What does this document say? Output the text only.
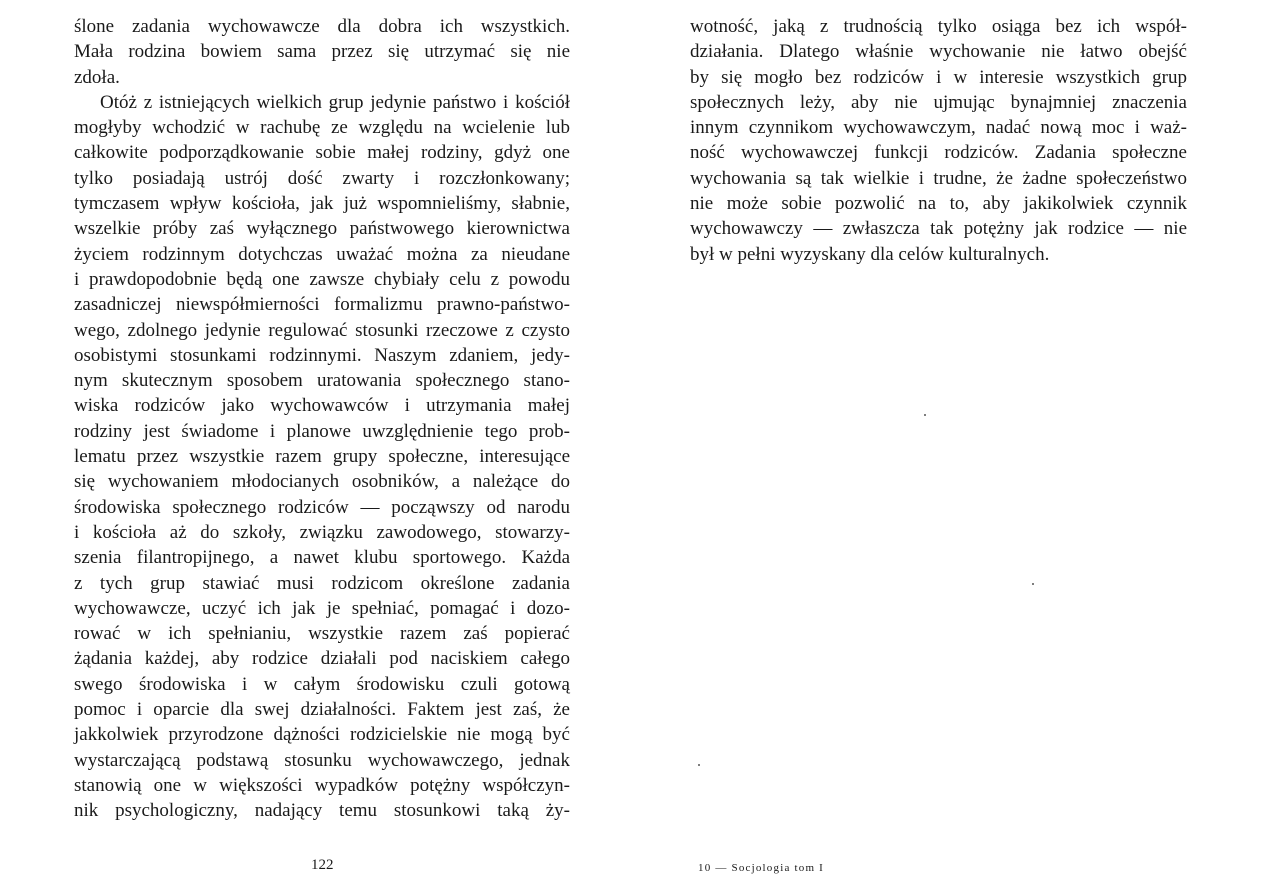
ślone zadania wychowawcze dla dobra ich wszystkich.
Mała rodzina bowiem sama przez się utrzymać się nie
zdoła.
Otóż z istniejących wielkich grup jedynie państwo i kościół
mogłyby wchodzić w rachubę ze względu na wcielenie lub
całkowite podporządkowanie sobie małej rodziny, gdyż one
tylko posiadają ustrój dość zwarty i rozczłonkowany;
tymczasem wpływ kościoła, jak już wspomnieliśmy, słabnie,
wszelkie próby zaś wyłącznego państwowego kierownictwa
życiem rodzinnym dotychczas uważać można za nieudane
i prawdopodobnie będą one zawsze chybiały celu z powodu
zasadniczej niewspółmierności formalizmu prawno-państwo-
wego, zdolnego jedynie regulować stosunki rzeczowe z czysto
osobistymi stosunkami rodzinnymi. Naszym zdaniem, jedy-
nym skutecznym sposobem uratowania społecznego stano-
wiska rodziców jako wychowawców i utrzymania małej
rodziny jest świadome i planowe uwzględnienie tego prob-
lematu przez wszystkie razem grupy społeczne, interesujące
się wychowaniem młodocianych osobników, a należące do
środowiska społecznego rodziców — począwszy od narodu
i kościoła aż do szkoły, związku zawodowego, stowarzy-
szenia filantropijnego, a nawet klubu sportowego. Każda
z tych grup stawiać musi rodzicom określone zadania
wychowawcze, uczyć ich jak je spełniać, pomagać i dozo-
rować w ich spełnianiu, wszystkie razem zaś popierać
żądania każdej, aby rodzice działali pod naciskiem całego
swego środowiska i w całym środowisku czuli gotową
pomoc i oparcie dla swej działalności. Faktem jest zaś, że
jakkolwiek przyrodzone dążności rodzicielskie nie mogą być
wystarczającą podstawą stosunku wychowawczego, jednak
stanowią one w większości wypadków potężny współczyn-
nik psychologiczny, nadający temu stosunkowi taką ży-
122
wotność, jaką z trudnością tylko osiąga bez ich współ-
działania. Dlatego właśnie wychowanie nie łatwo obejść
by się mogło bez rodziców i w interesie wszystkich grup
społecznych leży, aby nie ujmując bynajmniej znaczenia
innym czynnikom wychowawczym, nadać nową moc i waż-
ność wychowawczej funkcji rodziców. Zadania społeczne
wychowania są tak wielkie i trudne, że żadne społeczeństwo
nie może sobie pozwolić na to, aby jakikolwiek czynnik
wychowawczy — zwłaszcza tak potężny jak rodzice — nie
był w pełni wyzyskany dla celów kulturalnych.
10 — Socjologia tom I
